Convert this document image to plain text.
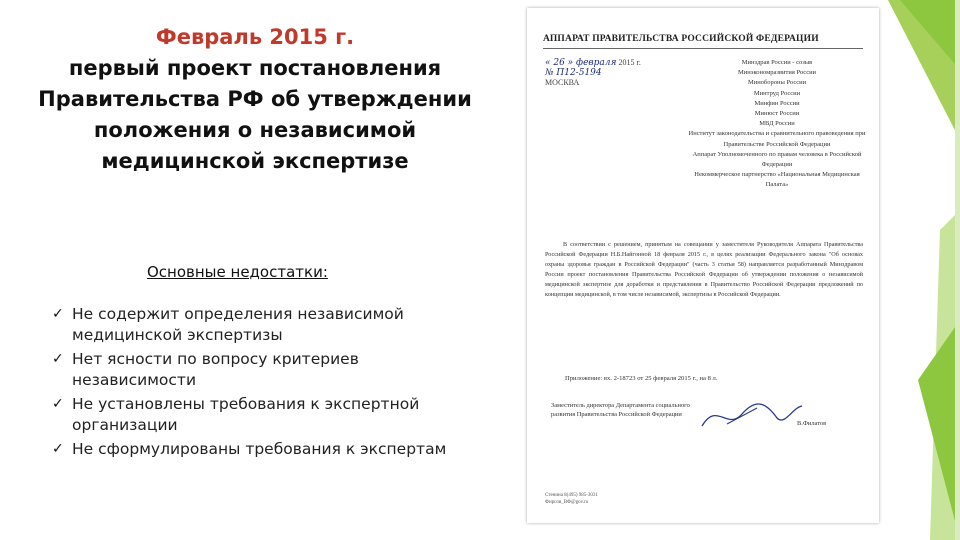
Февраль 2015 г.
первый проект постановления Правительства РФ об утверждении положения о независимой медицинской экспертизе
Основные недостатки:
✓ Не содержит определения независимой медицинской экспертизы
✓ Нет ясности по вопросу критериев независимости
✓ Не установлены требования к экспертной организации
✓ Не сформулированы требования к экспертам
АППАРАТ ПРАВИТЕЛЬСТВА РОССИЙСКОЙ ФЕДЕРАЦИИ
« 26 » февраля 2015 г.
№ П12-5194
МОСКВА
Минздрав России - созыв
Минэкономразвития России
Минобороны России
Минтруд России
Минфин России
Минюст России
МВД России
Институт законодательства и сравнительного правоведения при Правительстве Российской Федерации
Аппарат Уполномоченного по правам человека в Российской Федерации
Некоммерческое партнерство «Национальная Медицинская Палата»
В соответствии с решением, принятым на совещании у заместителя Руководителя Аппарата Правительства Российской Федерации Н.Б.Найгонной 18 февраля 2015 г., в целях реализации Федерального закона "Об основах охраны здоровья граждан в Российской Федерации" (часть 3 статьи 58) направляется разработанный Минздравом России проект постановления Правительства Российской Федерации об утверждении положения о независимой медицинской экспертизе для доработки и представления в Правительство Российской Федерации предложений по концепции медицинской, в том числе независимой, экспертизы в Российской Федерации.
Приложение: вх. 2-18723 от 25 февраля 2015 г., на 8 л.
Заместитель директора Департамента социального развития Правительства Российской Федерации
В.Филатов
Стенина 8(495) 985-3031
Фирсов_ВФ@gov.ru
